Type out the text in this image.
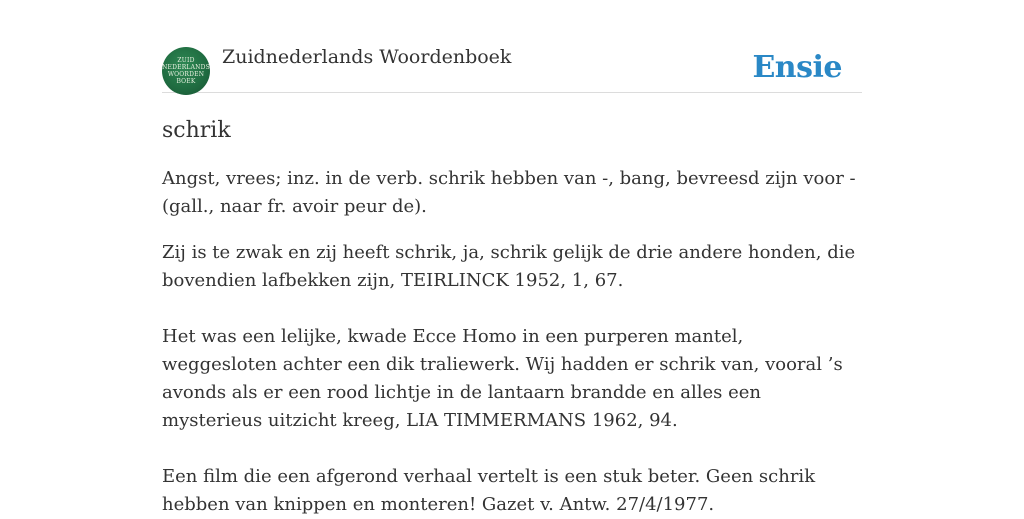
ZUID
NEDERLANDS
WOORDEN
BOEK
Zuidnederlands Woordenboek	Ensie
schrik

Angst, vrees; inz. in de verb. schrik hebben van -, bang, bevreesd zijn voor - (gall., naar fr. avoir peur de).

Zij is te zwak en zij heeft schrik, ja, schrik gelijk de drie andere honden, die bovendien lafbekken zijn, TEIRLINCK 1952, 1, 67.

Het was een lelijke, kwade Ecce Homo in een purperen mantel, weggesloten achter een dik traliewerk. Wij hadden er schrik van, vooral ’s avonds als er een rood lichtje in de lantaarn brandde en alles een mysterieus uitzicht kreeg, LIA TIMMERMANS 1962, 94.

Een film die een afgerond verhaal vertelt is een stuk beter. Geen schrik hebben van knippen en monteren! Gazet v. Antw. 27/4/1977.
